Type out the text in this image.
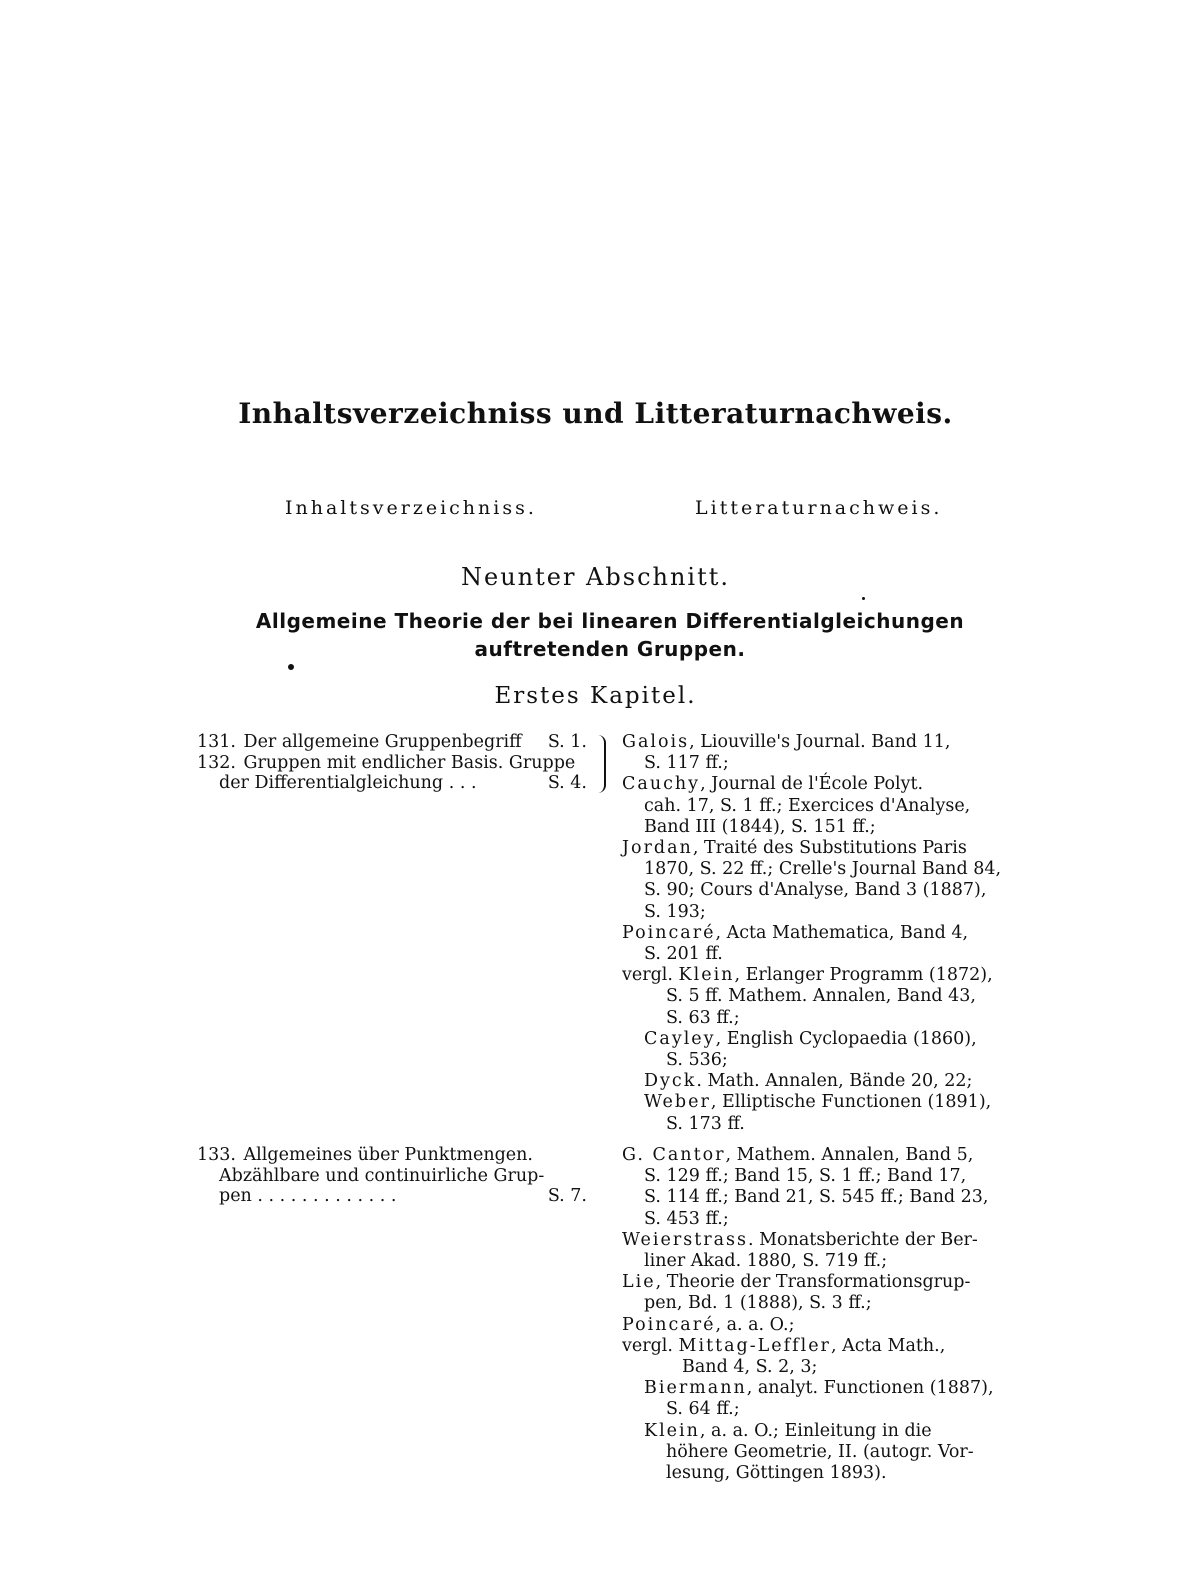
Inhaltsverzeichniss und Litteraturnachweis.
Inhaltsverzeichniss.	Litteraturnachweis.
Neunter Abschnitt.
Allgemeine Theorie der bei linearen Differentialgleichungen
auftretenden Gruppen.
Erstes Kapitel.
S. 1.
131. Der allgemeine Gruppenbegriff
132. Gruppen mit endlicher Basis. Gruppe
S. 4.
der Differentialgleichung . . .
133. Allgemeines über Punktmengen.
Abzählbare und continuirliche Grup-
S. 7.
pen . . . . . . . . . . . . .
Galois, Liouville's Journal. Band 11,
S. 117 ff.;
Cauchy, Journal de l'École Polyt.
cah. 17, S. 1 ff.; Exercices d'Analyse,
Band III (1844), S. 151 ff.;
Jordan, Traité des Substitutions Paris
1870, S. 22 ff.; Crelle's Journal Band 84,
S. 90; Cours d'Analyse, Band 3 (1887),
S. 193;
Poincaré, Acta Mathematica, Band 4,
S. 201 ff.
vergl. Klein, Erlanger Programm (1872),
S. 5 ff. Mathem. Annalen, Band 43,
S. 63 ff.;
Cayley, English Cyclopaedia (1860),
S. 536;
Dyck. Math. Annalen, Bände 20, 22;
Weber, Elliptische Functionen (1891),
S. 173 ff.
G. Cantor, Mathem. Annalen, Band 5,
S. 129 ff.; Band 15, S. 1 ff.; Band 17,
S. 114 ff.; Band 21, S. 545 ff.; Band 23,
S. 453 ff.;
Weierstrass. Monatsberichte der Ber-
liner Akad. 1880, S. 719 ff.;
Lie, Theorie der Transformationsgrup-
pen, Bd. 1 (1888), S. 3 ff.;
Poincaré, a. a. O.;
vergl. Mittag-Leffler, Acta Math.,
Band 4, S. 2, 3;
Biermann, analyt. Functionen (1887),
S. 64 ff.;
Klein, a. a. O.; Einleitung in die
höhere Geometrie, II. (autogr. Vor-
lesung, Göttingen 1893).
